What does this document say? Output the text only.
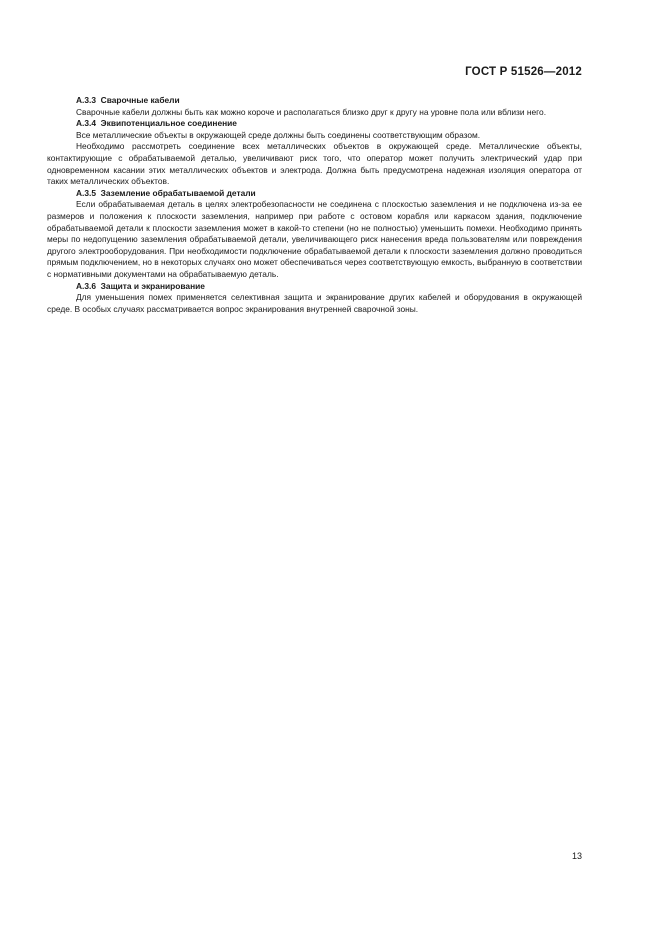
ГОСТ Р 51526—2012

А.3.3  Сварочные кабели

Сварочные кабели должны быть как можно короче и располагаться близко друг к другу на уровне пола или вблизи него.

А.3.4  Эквипотенциальное соединение

Все металлические объекты в окружающей среде должны быть соединены соответствующим образом.

Необходимо рассмотреть соединение всех металлических объектов в окружающей среде. Металлические объекты, контактирующие с обрабатываемой деталью, увеличивают риск того, что оператор может получить электрический удар при одновременном касании этих металлических объектов и электрода. Должна быть предусмотрена надежная изоляция оператора от таких металлических объектов.

А.3.5  Заземление обрабатываемой детали

Если обрабатываемая деталь в целях электробезопасности не соединена с плоскостью заземления и не подключена из-за ее размеров и положения к плоскости заземления, например при работе с остовом корабля или каркасом здания, подключение обрабатываемой детали к плоскости заземления может в какой-то степени (но не полностью) уменьшить помехи. Необходимо принять меры по недопущению заземления обрабатываемой детали, увеличивающего риск нанесения вреда пользователям или повреждения другого электрооборудования. При необходимости подключение обрабатываемой детали к плоскости заземления должно проводиться прямым подключением, но в некоторых случаях оно может обеспечиваться через соответствующую емкость, выбранную в соответствии с нормативными документами на обрабатываемую деталь.

А.3.6  Защита и экранирование

Для уменьшения помех применяется селективная защита и экранирование других кабелей и оборудования в окружающей среде. В особых случаях рассматривается вопрос экранирования внутренней сварочной зоны.

13
